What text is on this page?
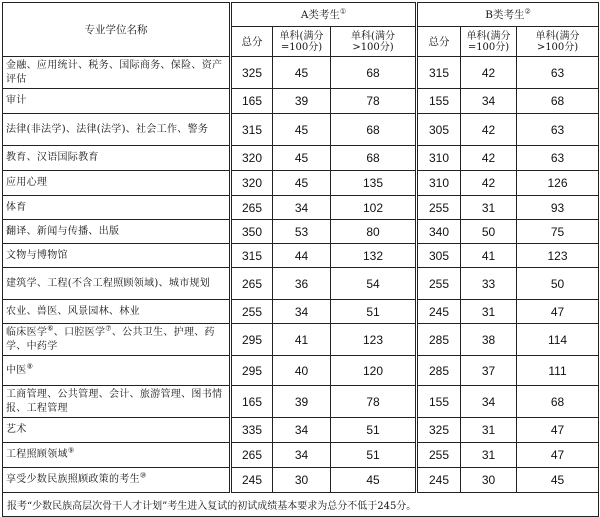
专业学位名称	A类考生①			B类考生②
	总分	单科(满分
=100分)	单科(满分
>100分)	总分	单科(满分
=100分)	单科(满分
>100分)
金融、应用统计、税务、国际商务、保险、资产评估	325	45	68	315	42	63
审计	165	39	78	155	34	68
法律(非法学)、法律(法学)、社会工作、警务	315	45	68	305	42	63
教育、汉语国际教育	320	45	68	310	42	63
应用心理	320	45	135	310	42	126
体育	265	34	102	255	31	93
翻译、新闻与传播、出版	350	53	80	340	50	75
文物与博物馆	315	44	132	305	41	123
建筑学、工程(不含工程照顾领域)、城市规划	265	36	54	255	33	50
农业、兽医、风景园林、林业	255	34	51	245	31	47
临床医学⑥、口腔医学⑦、公共卫生、护理、药学、中药学	295	41	123	285	38	114
中医⑧	295	40	120	285	37	111
工商管理、公共管理、会计、旅游管理、图书情报、工程管理	165	39	78	155	34	68
艺术	335	34	51	325	31	47
工程照顾领域⑨	265	34	51	255	31	47
享受少数民族照顾政策的考生⑩	245	30	45	245	30	45
报考“少数民族高层次骨干人才计划”考生进入复试的初试成绩基本要求为总分不低于245分。						
